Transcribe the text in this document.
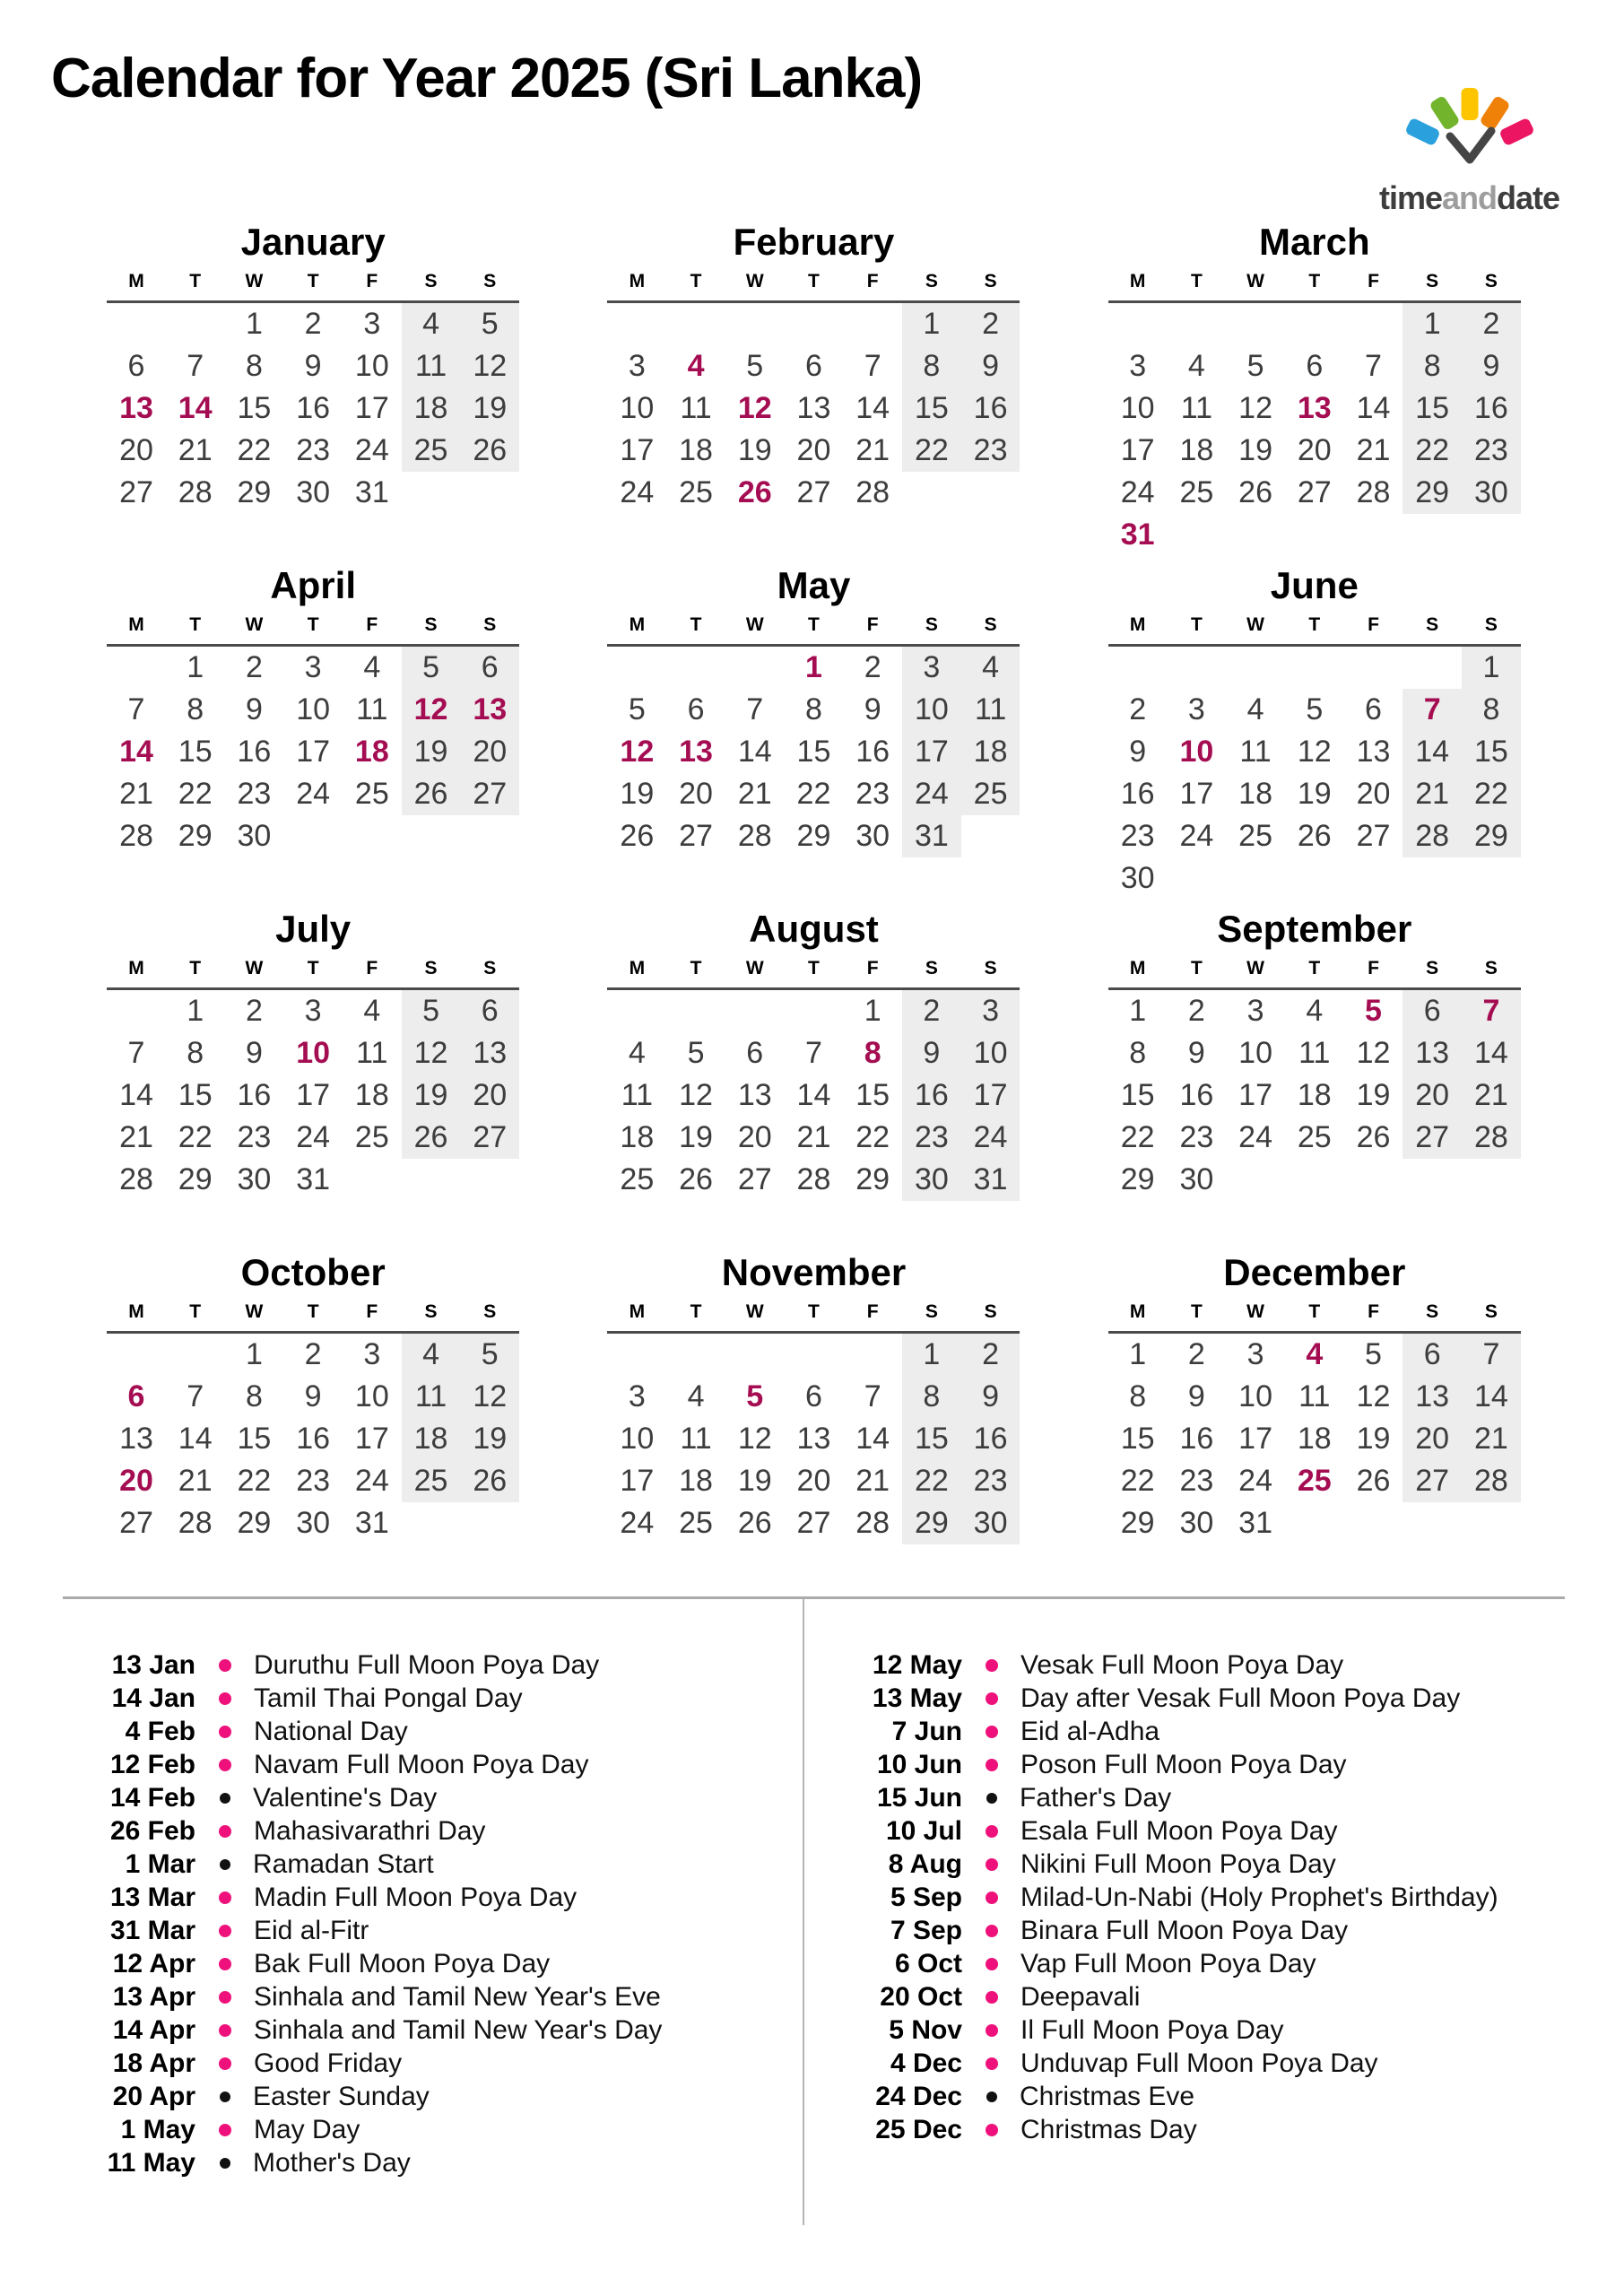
Calendar for Year 2025 (Sri Lanka)
timeanddate
January
M	T	W	T	F	S	S
		1	2	3	4	5
6	7	8	9	10	11	12
13	14	15	16	17	18	19
20	21	22	23	24	25	26
27	28	29	30	31		
February
M	T	W	T	F	S	S
					1	2
3	4	5	6	7	8	9
10	11	12	13	14	15	16
17	18	19	20	21	22	23
24	25	26	27	28		
March
M	T	W	T	F	S	S
					1	2
3	4	5	6	7	8	9
10	11	12	13	14	15	16
17	18	19	20	21	22	23
24	25	26	27	28	29	30
31						
April
M	T	W	T	F	S	S
	1	2	3	4	5	6
7	8	9	10	11	12	13
14	15	16	17	18	19	20
21	22	23	24	25	26	27
28	29	30				
May
M	T	W	T	F	S	S
			1	2	3	4
5	6	7	8	9	10	11
12	13	14	15	16	17	18
19	20	21	22	23	24	25
26	27	28	29	30	31	
June
M	T	W	T	F	S	S
						1
2	3	4	5	6	7	8
9	10	11	12	13	14	15
16	17	18	19	20	21	22
23	24	25	26	27	28	29
30						
July
M	T	W	T	F	S	S
	1	2	3	4	5	6
7	8	9	10	11	12	13
14	15	16	17	18	19	20
21	22	23	24	25	26	27
28	29	30	31			
August
M	T	W	T	F	S	S
				1	2	3
4	5	6	7	8	9	10
11	12	13	14	15	16	17
18	19	20	21	22	23	24
25	26	27	28	29	30	31
September
M	T	W	T	F	S	S
1	2	3	4	5	6	7
8	9	10	11	12	13	14
15	16	17	18	19	20	21
22	23	24	25	26	27	28
29	30					
October
M	T	W	T	F	S	S
		1	2	3	4	5
6	7	8	9	10	11	12
13	14	15	16	17	18	19
20	21	22	23	24	25	26
27	28	29	30	31		
November
M	T	W	T	F	S	S
					1	2
3	4	5	6	7	8	9
10	11	12	13	14	15	16
17	18	19	20	21	22	23
24	25	26	27	28	29	30
December
M	T	W	T	F	S	S
1	2	3	4	5	6	7
8	9	10	11	12	13	14
15	16	17	18	19	20	21
22	23	24	25	26	27	28
29	30	31				
13 Jan Duruthu Full Moon Poya Day
14 Jan Tamil Thai Pongal Day
4 Feb National Day
12 Feb Navam Full Moon Poya Day
14 Feb Valentine's Day
26 Feb Mahasivarathri Day
1 Mar Ramadan Start
13 Mar Madin Full Moon Poya Day
31 Mar Eid al-Fitr
12 Apr Bak Full Moon Poya Day
13 Apr Sinhala and Tamil New Year's Eve
14 Apr Sinhala and Tamil New Year's Day
18 Apr Good Friday
20 Apr Easter Sunday
1 May May Day
11 May Mother's Day
12 May Vesak Full Moon Poya Day
13 May Day after Vesak Full Moon Poya Day
7 Jun Eid al-Adha
10 Jun Poson Full Moon Poya Day
15 Jun Father's Day
10 Jul Esala Full Moon Poya Day
8 Aug Nikini Full Moon Poya Day
5 Sep Milad-Un-Nabi (Holy Prophet's Birthday)
7 Sep Binara Full Moon Poya Day
6 Oct Vap Full Moon Poya Day
20 Oct Deepavali
5 Nov Il Full Moon Poya Day
4 Dec Unduvap Full Moon Poya Day
24 Dec Christmas Eve
25 Dec Christmas Day
